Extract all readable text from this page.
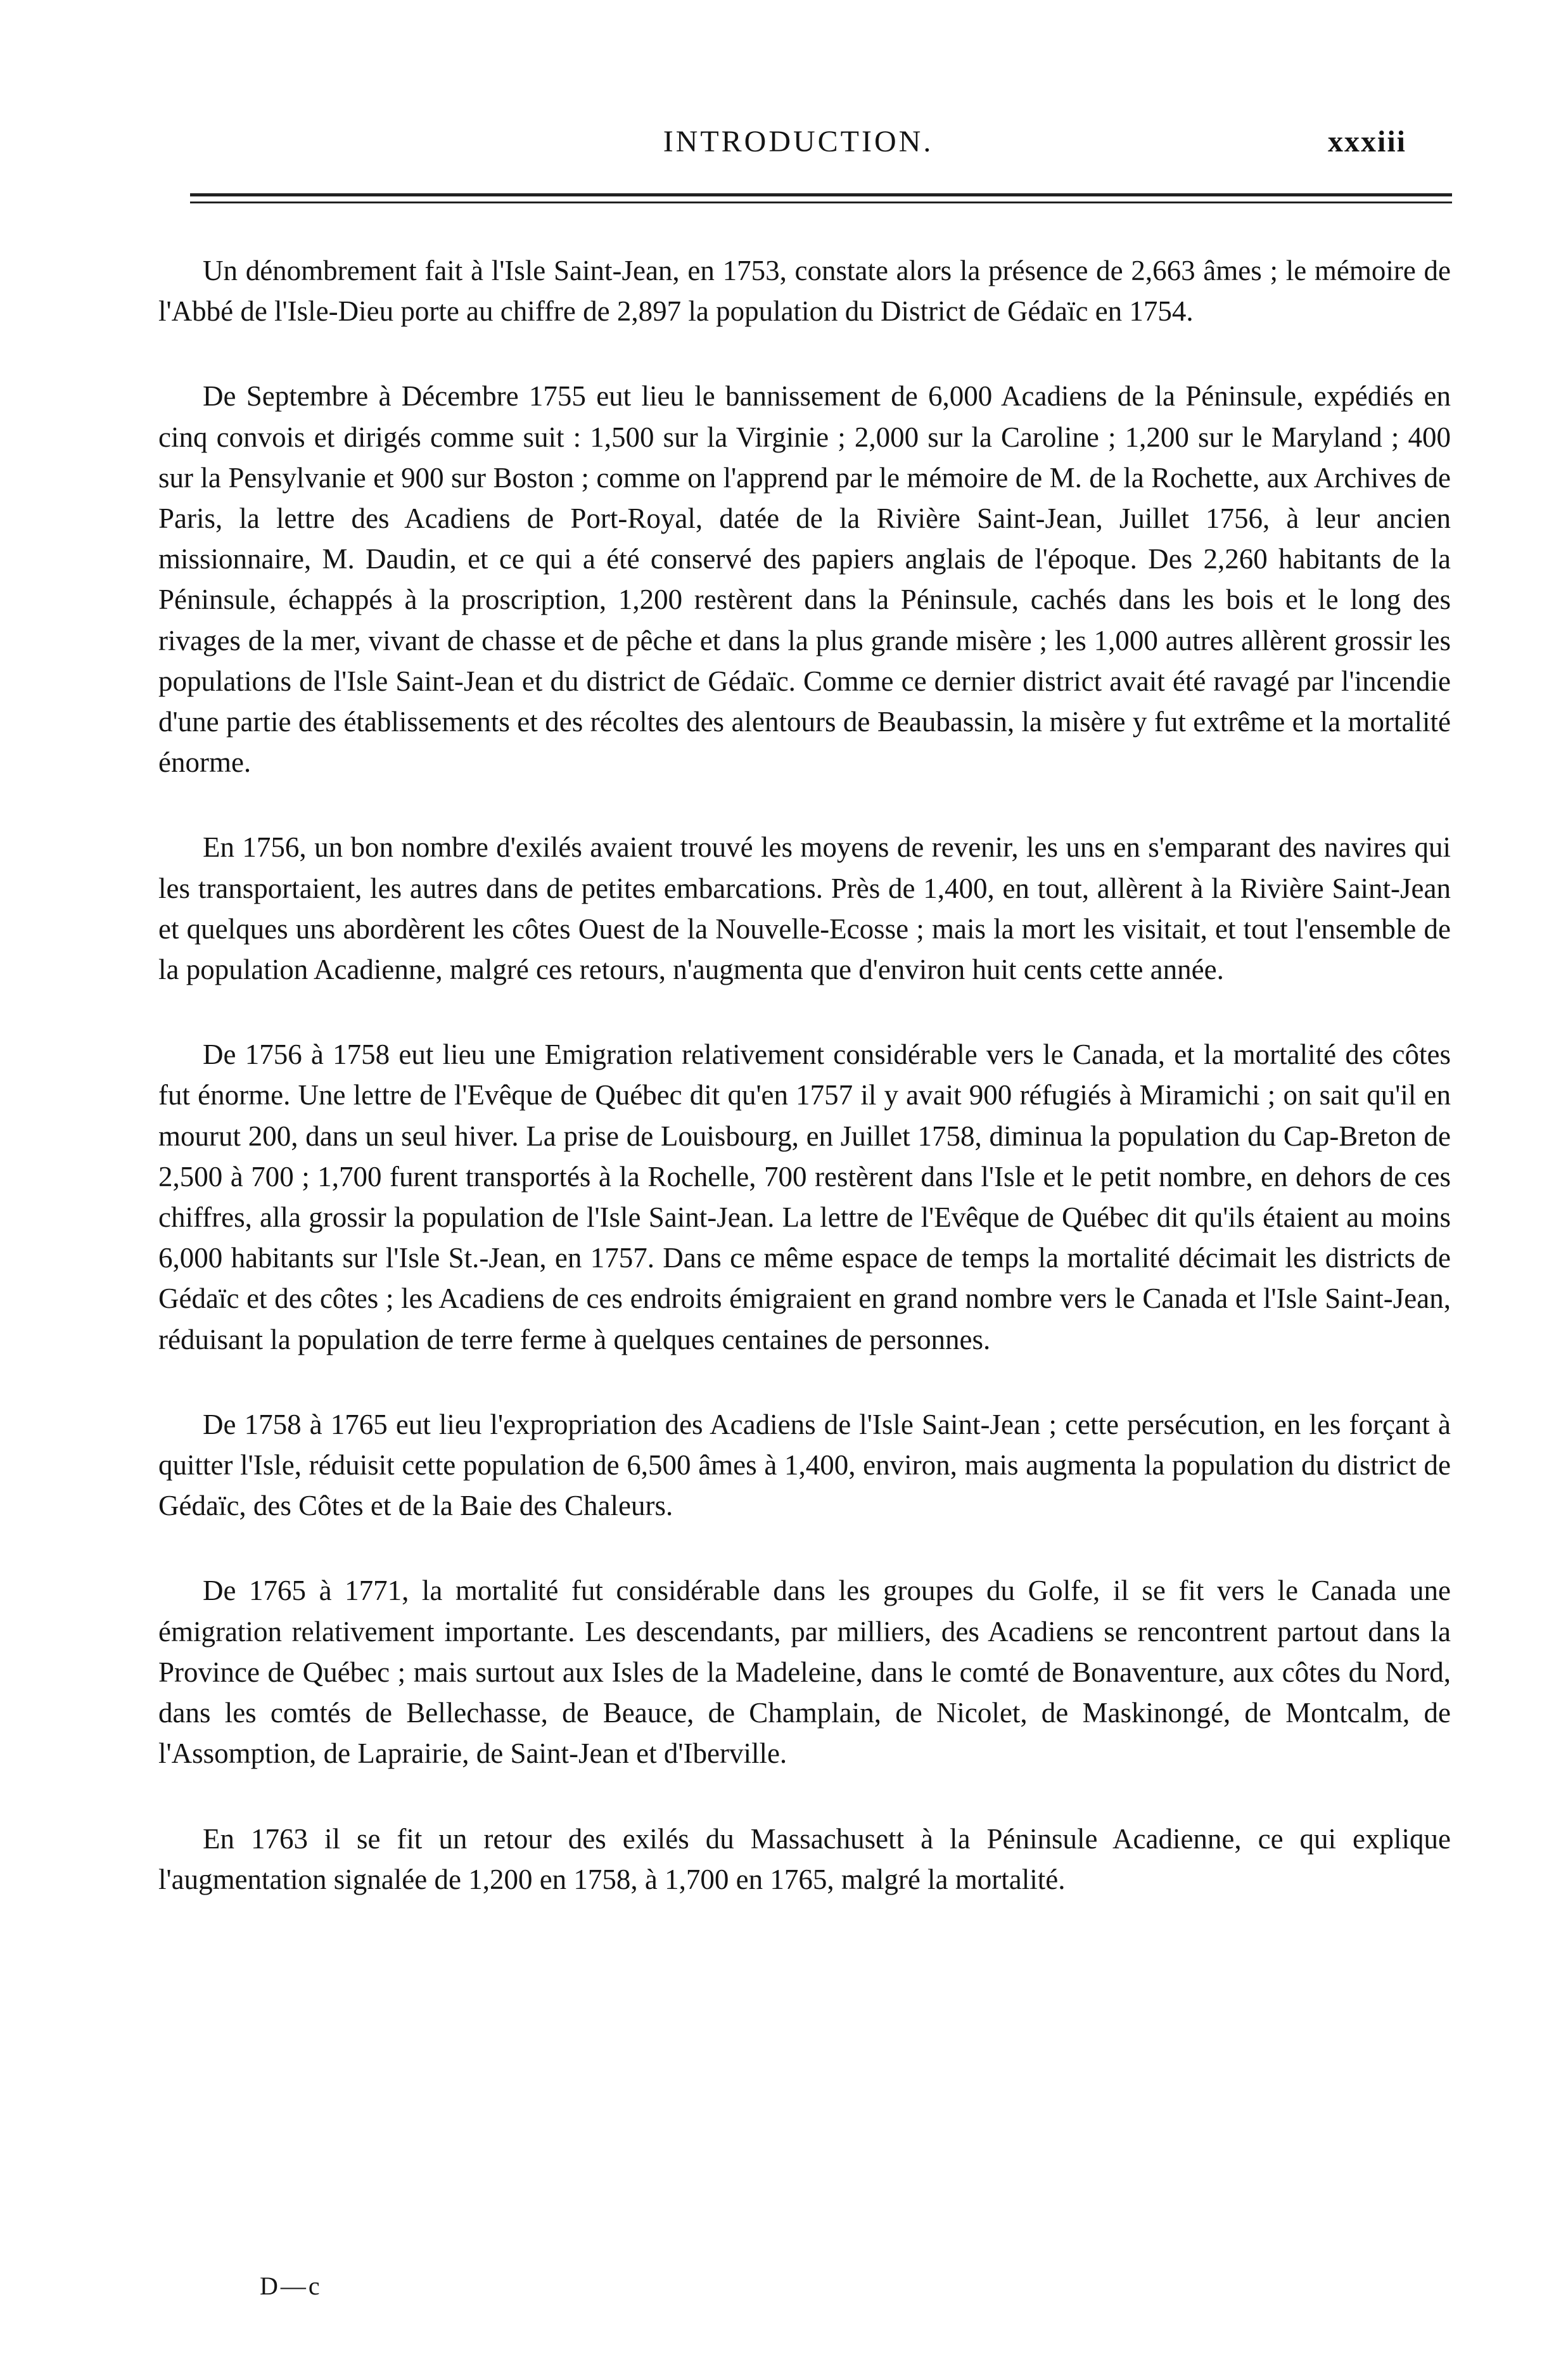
INTRODUCTION.	xxxiii

Un dénombrement fait à l'Isle Saint-Jean, en 1753, constate alors la présence de 2,663 âmes ; le mémoire de l'Abbé de l'Isle-Dieu porte au chiffre de 2,897 la population du District de Gédaïc en 1754.

De Septembre à Décembre 1755 eut lieu le bannissement de 6,000 Acadiens de la Péninsule, expédiés en cinq convois et dirigés comme suit : 1,500 sur la Virginie ; 2,000 sur la Caroline ; 1,200 sur le Maryland ; 400 sur la Pensylvanie et 900 sur Boston ; comme on l'apprend par le mémoire de M. de la Rochette, aux Archives de Paris, la lettre des Acadiens de Port-Royal, datée de la Rivière Saint-Jean, Juillet 1756, à leur ancien missionnaire, M. Daudin, et ce qui a été conservé des papiers anglais de l'époque. Des 2,260 habitants de la Péninsule, échappés à la proscription, 1,200 restèrent dans la Péninsule, cachés dans les bois et le long des rivages de la mer, vivant de chasse et de pêche et dans la plus grande misère ; les 1,000 autres allèrent grossir les populations de l'Isle Saint-Jean et du district de Gédaïc. Comme ce dernier district avait été ravagé par l'incendie d'une partie des établissements et des récoltes des alentours de Beaubassin, la misère y fut extrême et la mortalité énorme.

En 1756, un bon nombre d'exilés avaient trouvé les moyens de revenir, les uns en s'emparant des navires qui les transportaient, les autres dans de petites embarcations. Près de 1,400, en tout, allèrent à la Rivière Saint-Jean et quelques uns abordèrent les côtes Ouest de la Nouvelle-Ecosse ; mais la mort les visitait, et tout l'ensemble de la population Acadienne, malgré ces retours, n'augmenta que d'environ huit cents cette année.

De 1756 à 1758 eut lieu une Emigration relativement considérable vers le Canada, et la mortalité des côtes fut énorme. Une lettre de l'Evêque de Québec dit qu'en 1757 il y avait 900 réfugiés à Miramichi ; on sait qu'il en mourut 200, dans un seul hiver. La prise de Louisbourg, en Juillet 1758, diminua la population du Cap-Breton de 2,500 à 700 ; 1,700 furent transportés à la Rochelle, 700 restèrent dans l'Isle et le petit nombre, en dehors de ces chiffres, alla grossir la population de l'Isle Saint-Jean. La lettre de l'Evêque de Québec dit qu'ils étaient au moins 6,000 habitants sur l'Isle St.-Jean, en 1757. Dans ce même espace de temps la mortalité décimait les districts de Gédaïc et des côtes ; les Acadiens de ces endroits émigraient en grand nombre vers le Canada et l'Isle Saint-Jean, réduisant la population de terre ferme à quelques centaines de personnes.

De 1758 à 1765 eut lieu l'expropriation des Acadiens de l'Isle Saint-Jean ; cette persécution, en les forçant à quitter l'Isle, réduisit cette population de 6,500 âmes à 1,400, environ, mais augmenta la population du district de Gédaïc, des Côtes et de la Baie des Chaleurs.

De 1765 à 1771, la mortalité fut considérable dans les groupes du Golfe, il se fit vers le Canada une émigration relativement importante. Les descendants, par milliers, des Acadiens se rencontrent partout dans la Province de Québec ; mais surtout aux Isles de la Madeleine, dans le comté de Bonaventure, aux côtes du Nord, dans les comtés de Bellechasse, de Beauce, de Champlain, de Nicolet, de Maskinongé, de Montcalm, de l'Assomption, de Laprairie, de Saint-Jean et d'Iberville.

En 1763 il se fit un retour des exilés du Massachusett à la Péninsule Acadienne, ce qui explique l'augmentation signalée de 1,200 en 1758, à 1,700 en 1765, malgré la mortalité.

D—c
